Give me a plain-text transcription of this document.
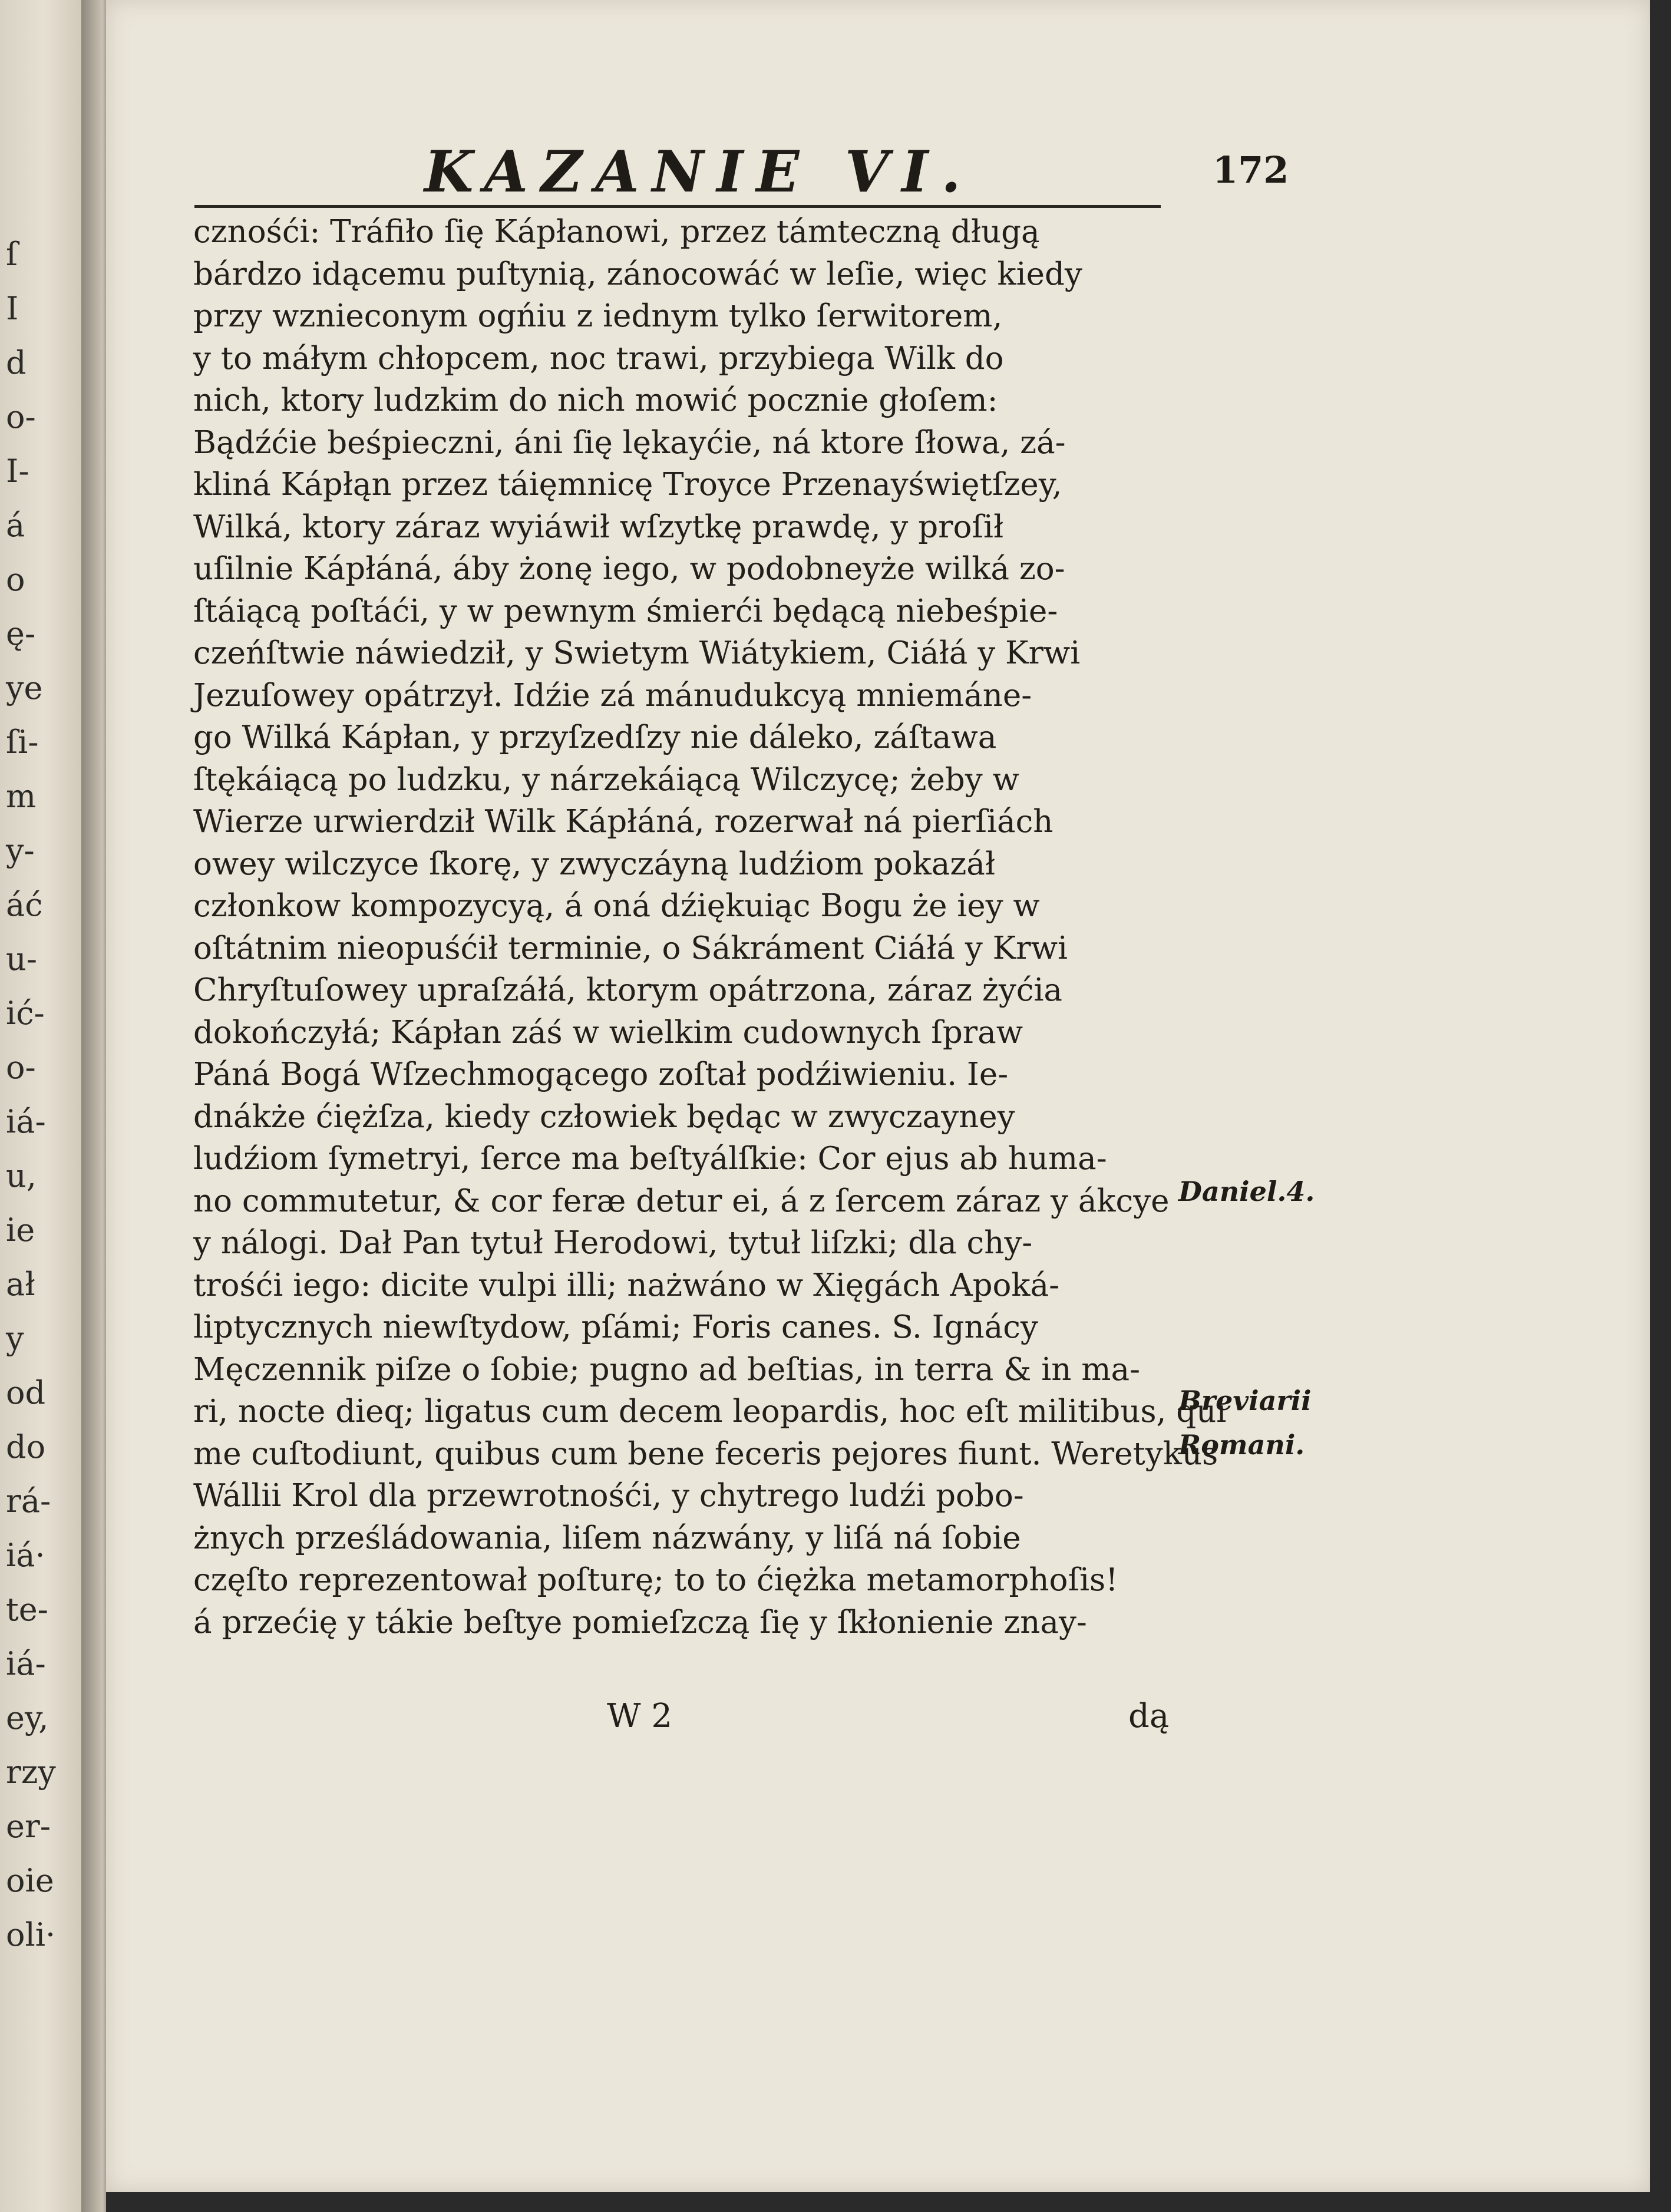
ſ
I
d
o-
I-
á
o
ę-
ye
ſi-
m
y-
áć
u-
ić-
o-
iá-
u,
ie
ał
y
od
do
rá-
iá·
te-
iá-
ey,
rzy
er-
oie
oli·
KAZANIE VI.	172
cznośći: Tráfiło ſię Kápłanowi, przez támteczną długą
bárdzo idącemu puſtynią, zánocowáć w leſie, więc kiedy
przy wznieconym ogńiu z iednym tylko ſerwitorem,
y to máłym chłopcem, noc trawi, przybiega Wilk do
nich, ktory ludzkim do nich mowić pocznie głoſem:
Bądźćie beśpieczni, áni ſię lękayćie, ná ktore ſłowa, zá-
kliná Kápłąn przez táięmnicę Troyce Przenayświętſzey,
Wilká, ktory záraz wyiáwił wſzytkę prawdę, y proſił
uſilnie Kápłáná, áby żonę iego, w podobneyże wilká zo-
ſtáiącą poſtáći, y w pewnym śmierći będącą niebeśpie-
czeńſtwie náwiedził, y Swietym Wiátykiem, Ciáłá y Krwi
Jezuſowey opátrzył. Idźie zá mánudukcyą mniemáne-
go Wilká Kápłan, y przyſzedſzy nie dáleko, záſtawa
ſtękáiącą po ludzku, y nárzekáiącą Wilczycę; żeby w
Wierze urwierdził Wilk Kápłáná, rozerwał ná pierſiách
owey wilczyce ſkorę, y zwyczáyną ludźiom pokazáł
członkow kompozycyą, á oná dźiękuiąc Bogu że iey w
oſtátnim nieopuśćił terminie, o Sákráment Ciáłá y Krwi
Chryſtuſowey upraſzáłá, ktorym opátrzona, záraz żyćia
dokończyłá; Kápłan záś w wielkim cudownych ſpraw
Páná Bogá Wſzechmogącego zoſtał podźiwieniu. Ie-
dnákże ćiężſza, kiedy człowiek będąc w zwyczayney
ludźiom ſymetryi, ſerce ma beſtyálſkie: Cor ejus ab huma-
no commutetur, & cor feræ detur ei, á z ſercem záraz y ákcye
y nálogi. Dał Pan tytuł Herodowi, tytuł liſzki; dla chy-
trośći iego: dicite vulpi illi; nażwáno w Xięgách Apoká-
liptycznych niewſtydow, pſámi; Foris canes. S. Ignácy
Męczennik piſze o ſobie; pugno ad beſtias, in terra & in ma-
ri, nocte dieq; ligatus cum decem leopardis, hoc eſt militibus, qui
me cuſtodiunt, quibus cum bene feceris pejores fiunt. Weretykus
Wállii Krol dla przewrotnośći, y chytrego ludźi pobo-
żnych prześládowania, liſem názwány, y liſá ná ſobie
częſto reprezentował poſturę; to to ćiężka metamorphoſis!
á przećię y tákie beſtye pomieſzczą ſię y ſkłonienie znay-
Daniel.4.
Breviarii
Romani.
W 2	dą
